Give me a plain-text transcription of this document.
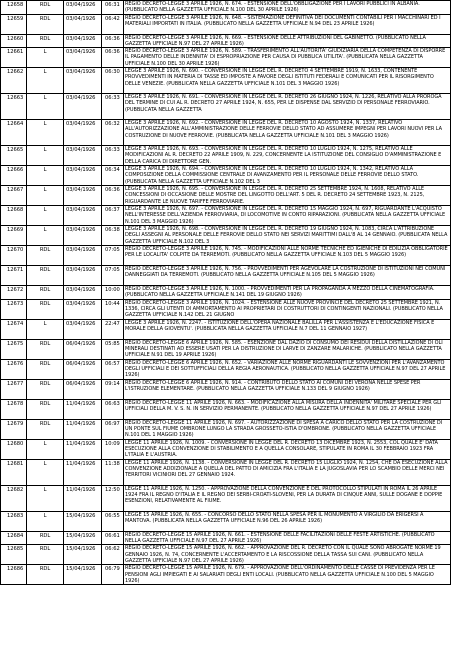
12658	RDL	03/04/1926	06:31	REGIO DECRETO-LEGGE 3 APRILE 1926, N. 674. - ESTENSIONE DELL'OBBLIGAZIONE PER I LAVORI PUBBLICI IN ALBANIA. (PUBBLICATO NELLA GAZZETTA UFFICIALE N.100 DEL 30 APRILE 1926)
12659	RDL	03/04/1926	06:42	REGIO DECRETO-LEGGE 3 APRILE 1926, N. 648. - SISTEMAZIONE DEFINITIVA DEI DOCUMENTI CONTABILI PER I MACCHINARI ED I MATERIALI IMPORTATI IN ITALIA. (PUBBLICATO NELLA GAZZETTA UFFICIALE N.94 DEL 23 APRILE 1926)
12660	RDL	03/04/1926	06:36	REGIO DECRETO-LEGGE 3 APRILE 1926, N. 669. - ESTENSIONE DELLE ATTRIBUZIONI DEL GABINETTO. (PUBBLICATO NELLA GAZZETTA UFFICIALE N.97 DEL 27 APRILE 1926)
12661	L	03/04/1926	06:36	REGIO DECRETO-LEGGE 3 APRILE 1926, N. 589. - TRASFERIMENTO ALL'AUTORITA' GIUDIZIARIA DELLA COMPETENZA DI DISPORRE IL PAGAMENTO DELLE INDENNITA' DI ESPROPRIAZIONE PER CAUSA DI PUBBLICA UTILITA'. (PUBBLICATA NELLA GAZZETTA UFFICIALE N.100 DEL 30 APRILE 1926)
12662	L	03/04/1926	06:30	LEGGE 3 APRILE 1926, N. 690. - CONVERSIONE IN LEGGE DEL R. DECRETO 4 SETTEMBRE 1919, N. 1633, CONTENENTE PROVVEDIMENTI IN MATERIA DI TASSE ED IMPOSTE A FAVORE DEGLI ISTITUTI FEDERALI E COMUNICATI PER IL RISORGIMENTO DELLE VENEZIE. (PUBBLICATA NELLA GAZZETTA UFFICIALE N.101 DEL 3 MAGGIO 1926)
12663	L	03/04/1926	06:33	LEGGE 3 APRILE 1926, N. 691. - CONVERSIONE IN LEGGE DEL R. DECRETO 26 GIUGNO 1924, N. 1226, RELATIVO ALLA PROROGA DEL TERMINE DI CUI AL R. DECRETO 27 APRILE 1924, N. 655, PER LE DISPENSE DAL SERVIZIO DI PERSONALE FERROVIARIO. (PUBBLICATA NELLA GAZZETTA
12664	L	03/04/1926	06:32	LEGGE 3 APRILE 1926, N. 692. - CONVERSIONE IN LEGGE DEL R. DECRETO 10 AGOSTO 1924, N. 1337, RELATIVO ALL'AUTORIZZAZIONE ALL'AMMINISTRAZIONE DELLE FERROVIE DELLO STATO AD ASSUMERE IMPEGNI PER LAVORI NUOVI PER LA COSTRUZIONE DI NUOVE FERROVIE. (PUBBLICATA NELLA GAZZETTA UFFICIALE N.101 DEL 3 MAGGIO 1926)
12665	L	03/04/1926	06:33	LEGGE 3 APRILE 1926, N. 693. - CONVERSIONE IN LEGGE DEL R. DECRETO 10 LUGLIO 1924, N. 1275, RELATIVO ALLE MODIFICAZIONI AL R. DECRETO 22 APRILE 1909, N. 229, CONCERNENTE LA ISTITUZIONE DEL CONSIGLIO D'AMMINISTRAZIONE E DELLA CARICA DI DIRETTORE GEN.
12666	L	03/04/1926	06:34	LEGGE 3 APRILE 1926, N. 694. - CONVERSIONE IN LEGGE DEL R. DECRETO 10 LUGLIO 1924, N. 1342, RELATIVO ALLA COMPOSIZIONE DELLA COMMISSIONE CENTRALE DI AVANZAMENTO PER IL PERSONALE DELLE FERROVIE DELLO STATO. (PUBBLICATA NELLA GAZZETTA UFFICIALE N.102 DEL 3
12667	L	03/04/1926	06:36	LEGGE 3 APRILE 1926, N. 695. - CONVERSIONE IN LEGGE DEL R. DECRETO 25 SETTEMBRE 1924, N. 1608, RELATIVO ALLE CONCESSIONI DI OCCASIONE DELLE MOSTRE DEL LINGOTTO DELL'ART. 5 DEL R. DECRETO 24 SETTEMBRE 1923, N. 2125, RIGUARDANTE LE NUOVE TARIFFE FERROVIARIE.
12668	L	03/04/1926	06:37	LEGGE 3 APRILE 1926, N. 697. - CONVERSIONE IN LEGGE DEL R. DECRETO 15 MAGGIO 1924, N. 697, RIGUARDANTE L'ACQUISTO NELL'INTERESSE DELL'AZIENDA FERROVIARIA, DI LOCOMOTIVE IN CONTO RIPARAZIONI. (PUBBLICATA NELLA GAZZETTA UFFICIALE N.101 DEL 3 MAGGIO 1926)
12669	L	03/04/1926	06:38	LEGGE 3 APRILE 1926, N. 698. - CONVERSIONE IN LEGGE DEL R. DECRETO 19 GIUGNO 1924, N. 1083, CIRCA L'ATTRIBUZIONE DEGLI ASSEGNI AL PERSONALE DELLE FERROVIE DELLO STATO NEI SERVIZI MARITTIMI DALL'8 AL 14 GENNAIO. (PUBBLICATA NELLA GAZZETTA UFFICIALE N.102 DEL 3
12670	RDL	03/04/1926	07:05	REGIO DECRETO-LEGGE 3 APRILE 1926, N. 745. - MODIFICAZIONI ALLE NORME TECNICHE ED IGIENICHE DI EDILIZIA OBBLIGATORIE PER LE LOCALITA' COLPITE DA TERREMOTI. (PUBBLICATO NELLA GAZZETTA UFFICIALE N.103 DEL 5 MAGGIO 1926)
12671	RDL	03/04/1926	07:05	REGIO DECRETO-LEGGE 3 APRILE 1926, N. 756. - PROVVEDIMENTI PER AGEVOLARE LA COSTRUZIONE DI ISTITUZIONI NEI COMUNI DANNEGGIATI DA TERREMOTI. (PUBBLICATO NELLA GAZZETTA UFFICIALE N.105 DEL 5 MAGGIO 1926)
12672	RDL	03/04/1926	10:00	REGIO DECRETO-LEGGE 3 APRILE 1926, N. 1000. - PROVVEDIMENTI PER LA PROPAGANDA A MEZZO DELLA CINEMATOGRAFIA. (PUBBLICATO NELLA GAZZETTA UFFICIALE N.141 DEL 19 GIUGNO 1926)
12673	RDL	03/04/1926	10:44	REGIO DECRETO-LEGGE 3 APRILE 1926, N. 1024. - ESTENSIONE ALLE NUOVE PROVINCIE DEL DECRETO 25 SETTEMBRE 1921, N. 1336, CIRCA GLI UTENTI DI AMMORTAMENTO AI PROPRIETARI DI COSTRUTTORI DI CONTINGENTI NAZIONALI. (PUBBLICATO NELLA GAZZETTA UFFICIALE N.142 DEL 21 GIUGNO
12674	L	03/04/1926	22:47	LEGGE 3 APRILE 1926, N. 2247. - ISTITUZIONE DELL'OPERA NAZIONALE BALILLA PER L'ASSISTENZA E L'EDUCAZIONE FISICA E MORALE DELLA GIOVENTU'. (PUBBLICATA NELLA GAZZETTA UFFICIALE N.7 DEL 11 GENNAIO 1927)
12675	RDL	06/04/1926	05:85	REGIO DECRETO-LEGGE 6 APRILE 1926, N. 585. - ESENZIONE DAL DAZIO DI CONSUMO DEI RESIDUI DELLA DISTILLAZIONE DI OLI MINERALI DESTINATI AD ESSERE USATI PER LA DISTRUZIONE DI LARVE DI ZANZARE MALARICHE. (PUBBLICATO NELLA GAZZETTA UFFICIALE N.91 DEL 19 APRILE 1926)
12676	RDL	06/04/1926	06:57	REGIO DECRETO-LEGGE 6 APRILE 1926, N. 652. - VARIAZIONE ALLE NORME RIGUARDANTI LE SOVVENZIONI PER L'AVANZAMENTO DEGLI UFFICIALI E DEI SOTTUFFICIALI DELLA REGIA AERONAUTICA. (PUBBLICATO NELLA GAZZETTA UFFICIALE N.97 DEL 27 APRILE 1926)
12677	RDL	06/04/1926	09:14	REGIO DECRETO-LEGGE 6 APRILE 1926, N. 914. - CONTRIBUTO DELLO STATO AI COMUNI DEI VERONA NELLE SPESE PER L'ISTRUZIONE ELEMENTARE. (PUBBLICATO NELLA GAZZETTA UFFICIALE N.133 DEL 9 GIUGNO 1926)
12678	RDL	11/04/1926	06:63	REGIO DECRETO-LEGGE 11 APRILE 1926, N. 663. - MODIFICAZIONE ALLA MISURA DELLA INDENNITA' MILITARE SPECIALE PER GLI UFFICIALI DELLA M. V. S. N. IN SERVIZIO PERMANENTE. (PUBBLICATO NELLA GAZZETTA UFFICIALE N.97 DEL 27 APRILE 1926)
12679	RDL	11/04/1926	06:97	REGIO DECRETO-LEGGE 11 APRILE 1926, N. 697. - AUTORIZZAZIONE DI SPESA A CARICO DELLO STATO PER LA COSTRUZIONE DI UN PONTE SUL FIUME OMBRONE LUNGO LA STRADA GROSSETO-ISTIA D'OMBRONE. (PUBBLICATO NELLA GAZZETTA UFFICIALE N.101 DEL 1 MAGGIO 1926)
12680	L	11/04/1926	10:09	LEGGE 11 APRILE 1926, N. 1009. - CONVERSIONE IN LEGGE DEL R. DECRETO 13 DICEMBRE 1923, N. 2553, COL QUALE E' DATA ESECUZIONE ALLA CONVENZIONE DI STABILIMENTO E A QUELLA CONSOLARE, STIPULATE IN ROMA IL 30 FEBBRAIO 1923 FRA L'ITALIA E L'AUSTRIA.
12681	L	11/04/1926	11:38	LEGGE 11 APRILE 1926, N. 1138. - CONVERSIONE IN LEGGE DEL R. DECRETO 15 LUGLIO 1924, N. 1254, CHE DA ESECUZIONE ALLA CONVENZIONE ADDIZIONALE A QUELLA DEL PATTO DI AMICIZIA FRA L'ITALIA E LA JUGOSLAVIA PER LO SCAMBIO DELLE MERCI NEI TERRITORI VICINIORI DEL 27 GENNAIO 1924.
12682	L	11/04/1926	12:50	LEGGE 11 APRILE 1926, N. 1250. - APPROVAZIONE DELLA CONVENZIONE E DEL PROTOCOLLO STIPULATI IN ROMA IL 26 APRILE 1924 FRA IL REGNO D'ITALIA E IL REGNO DEI SERBI-CROATI-SLOVENI, PER LA DURATA DI CINQUE ANNI, SULLE DOGANE E DOPPIE ESENZIONI, RELATIVAMENTE AL FIUME.
12683	L	15/04/1926	06:55	LEGGE 15 APRILE 1926, N. 655. - CONCORSO DELLO STATO NELLA SPESA PER IL MONUMENTO A VIRGILIO DA ERIGERSI A MANTOVA. (PUBBLICATA NELLA GAZZETTA UFFICIALE N.96 DEL 26 APRILE 1926)
12684	RDL	15/04/1926	06:61	REGIO DECRETO-LEGGE 15 APRILE 1926, N. 661. - ESTENSIONE DELLE FACILITAZIONI DELLE FESTE ARTISTICHE. (PUBBLICATO NELLA GAZZETTA UFFICIALE N.97 DEL 27 APRILE 1926)
12685	RDL	15/04/1926	06:62	REGIO DECRETO-LEGGE 15 APRILE 1926, N. 662. - APPROVAZIONE DEL R. DECRETO CON IL QUALE SONO ABROGATE NORME 19 GENNAIO 1926, N. 74, CONCERNENTE L'ACCERTAMENTO E LA RISCOSSIONE DELLA TASSA SUI CANI. (PUBBLICATO NELLA GAZZETTA UFFICIALE N.97 DEL 27 APRILE 1926)
12686	RDL	15/04/1926	06:79	REGIO DECRETO-LEGGE 15 APRILE 1926, N. 679. - APPROVAZIONE DELL'ORDINAMENTO DELLE CASSE DI PREVIDENZA PER LE PENSIONI AGLI IMPIEGATI E AI SALARIATI DEGLI ENTI LOCALI. (PUBBLICATO NELLA GAZZETTA UFFICIALE N.100 DEL 5 MAGGIO 1926)
